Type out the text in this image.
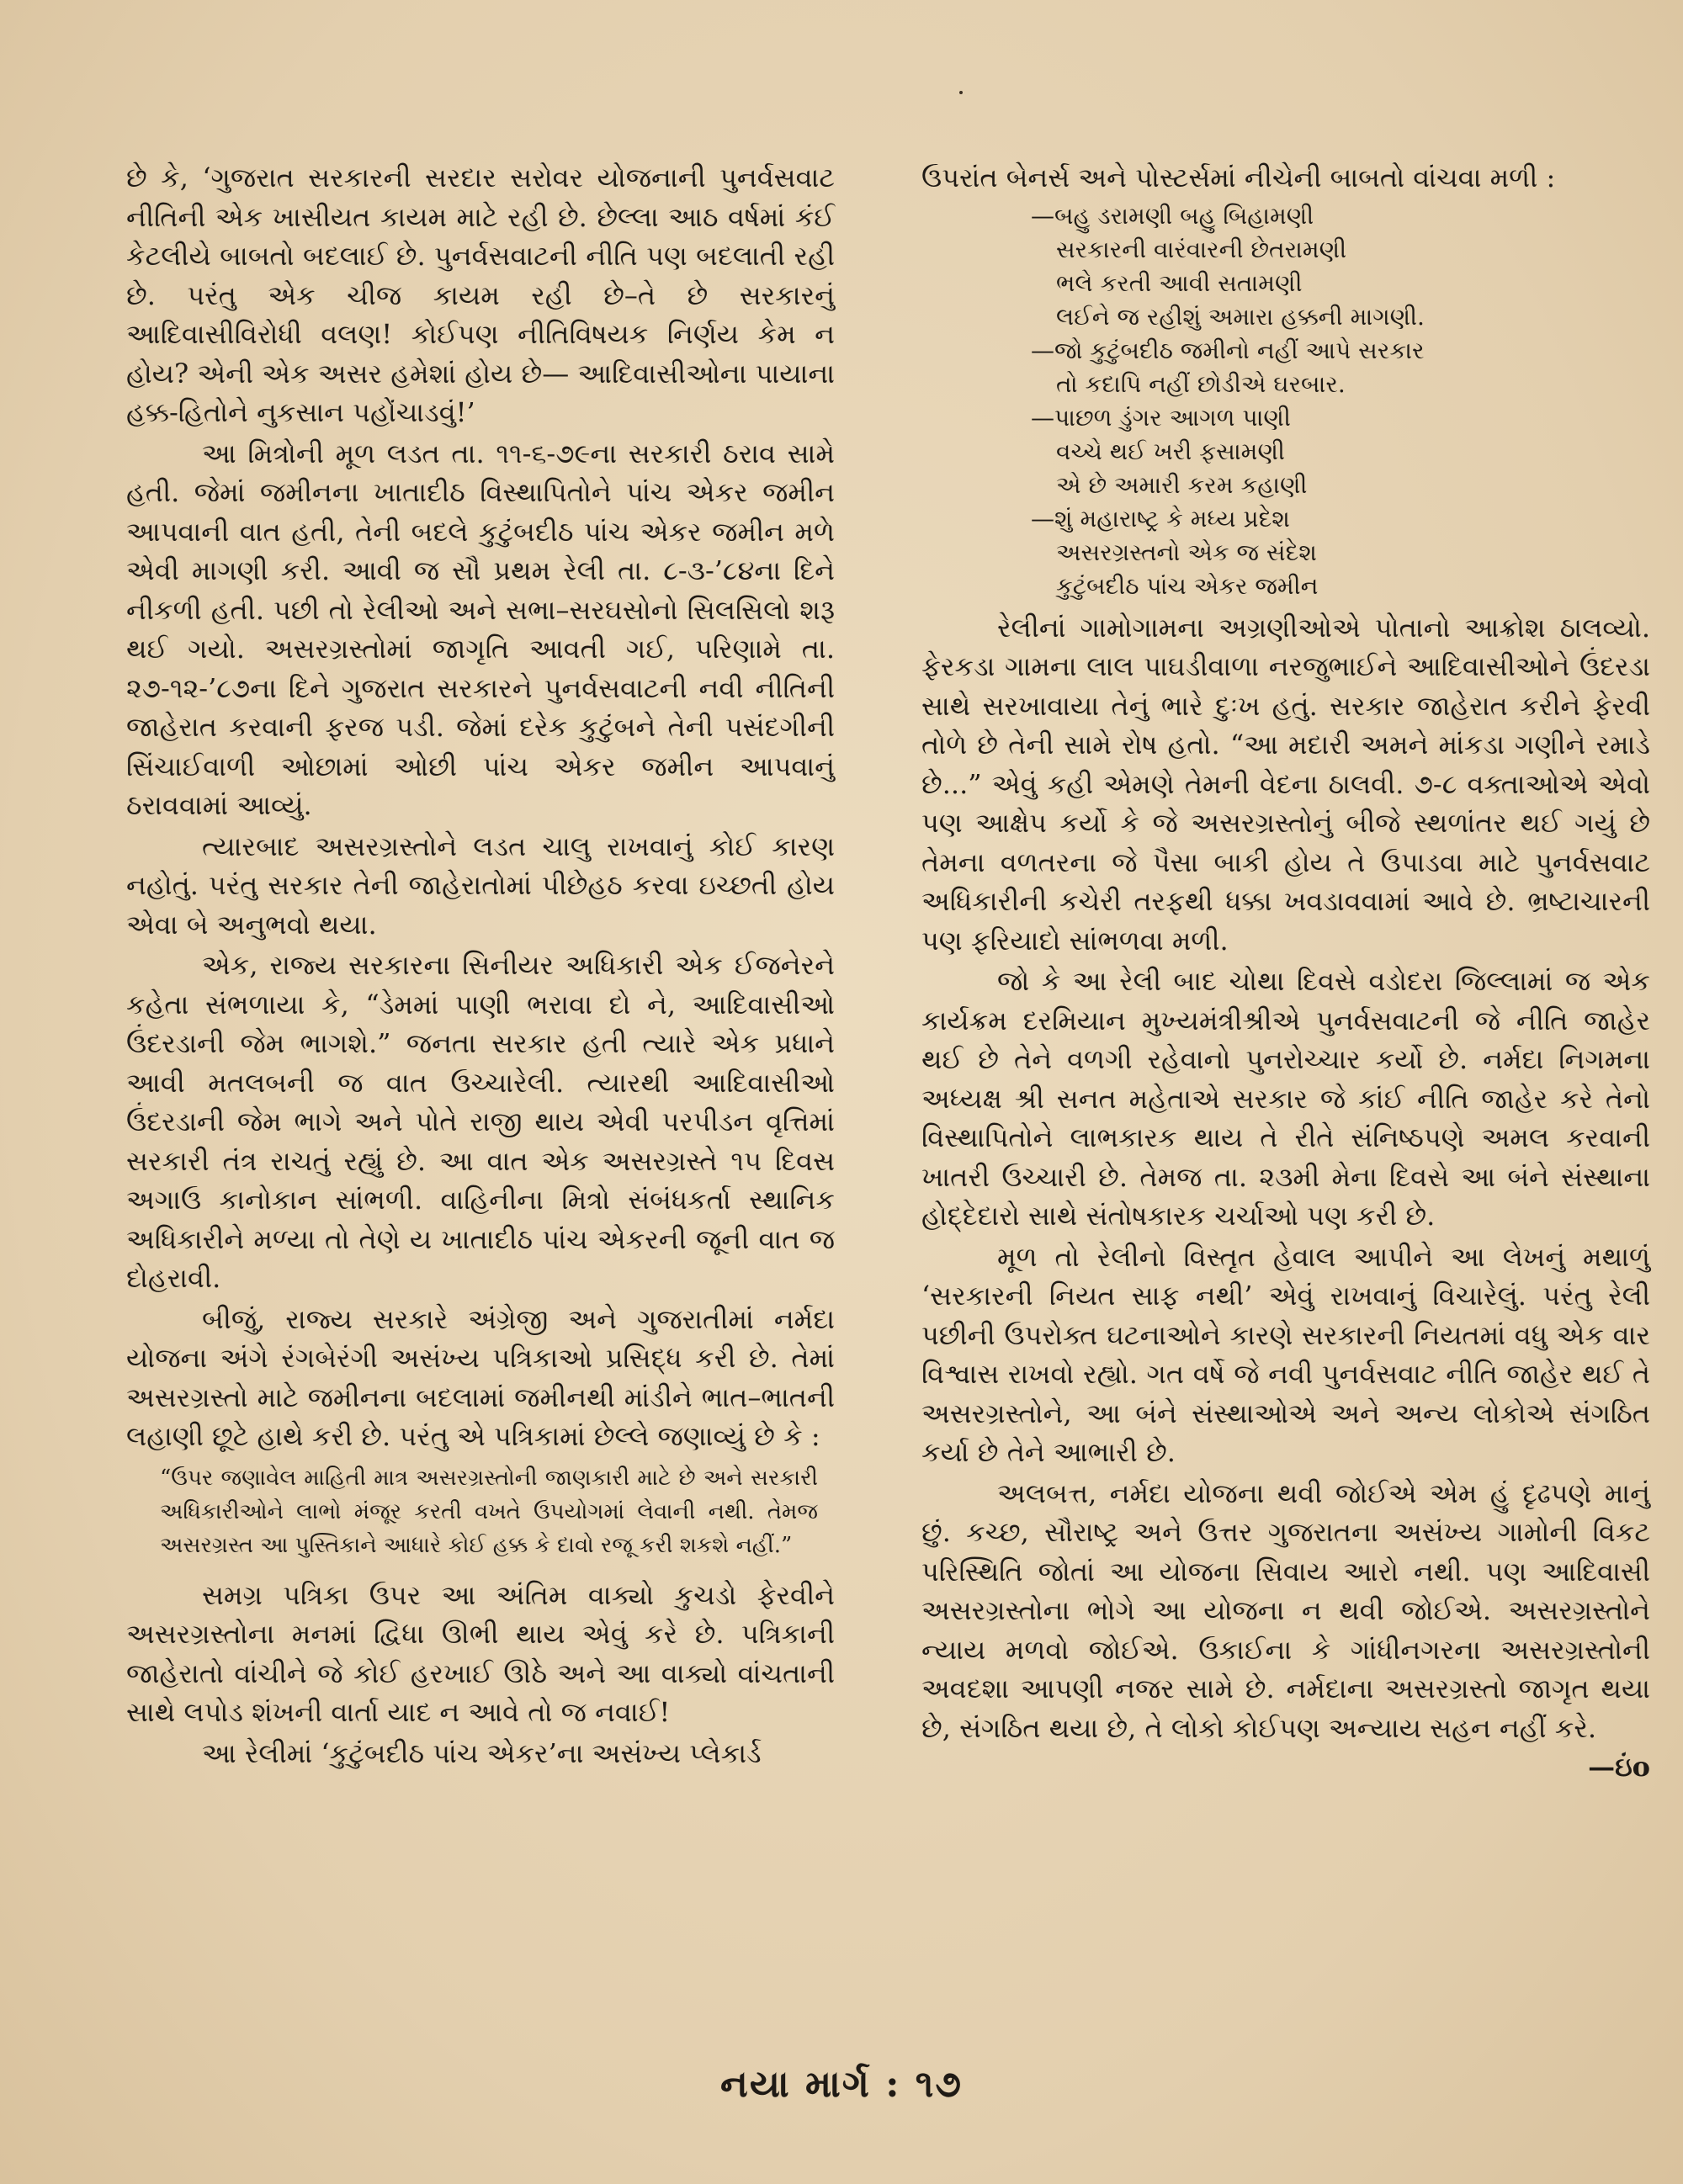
છે કે, ‘ગુજરાત સરકારની સરદાર સરોવર યોજનાની પુનર્વસવાટ નીતિની એક ખાસીયત કાયમ માટે રહી છે. છેલ્લા આઠ વર્ષમાં કંઈ કેટલીયે બાબતો બદલાઈ છે. પુનર્વસવાટની નીતિ પણ બદલાતી રહી છે. પરંતુ એક ચીજ કાયમ રહી છે–તે છે સરકારનું આદિવાસીવિરોધી વલણ! કોઈપણ નીતિવિષયક નિર્ણય કેમ ન હોય? એની એક અસર હમેશાં હોય છે— આદિવાસીઓના પાયાના હક્ક-હિતોને નુકસાન પહોંચાડવું!’

આ મિત્રોની મૂળ લડત તા. ૧૧-૬-૭૯ના સરકારી ઠરાવ સામે હતી. જેમાં જમીનના ખાતાદીઠ વિસ્થાપિતોને પાંચ એકર જમીન આપવાની વાત હતી, તેની બદલે કુટુંબદીઠ પાંચ એકર જમીન મળે એવી માગણી કરી. આવી જ સૌ પ્રથમ રેલી તા. ૮-૩-’૮૪ના દિને નીકળી હતી. પછી તો રેલીઓ અને સભા–સરઘસોનો સિલસિલો શરૂ થઈ ગયો. અસરગ્રસ્તોમાં જાગૃતિ આવતી ગઈ, પરિણામે તા. ૨૭-૧૨-’૮૭ના દિને ગુજરાત સરકારને પુનર્વસવાટની નવી નીતિની જાહેરાત કરવાની ફરજ પડી. જેમાં દરેક કુટુંબને તેની પસંદગીની સિંચાઈવાળી ઓછામાં ઓછી પાંચ એકર જમીન આપવાનું ઠરાવવામાં આવ્યું.

ત્યારબાદ અસરગ્રસ્તોને લડત ચાલુ રાખવાનું કોઈ કારણ નહોતું. પરંતુ સરકાર તેની જાહેરાતોમાં પીછેહઠ કરવા ઇચ્છતી હોય એવા બે અનુભવો થયા.

એક, રાજ્ય સરકારના સિનીયર અધિકારી એક ઈજનેરને કહેતા સંભળાયા કે, “ડેમમાં પાણી ભરાવા દો ને, આદિવાસીઓ ઉંદરડાની જેમ ભાગશે.” જનતા સરકાર હતી ત્યારે એક પ્રધાને આવી મતલબની જ વાત ઉચ્ચારેલી. ત્યારથી આદિવાસીઓ ઉંદરડાની જેમ ભાગે અને પોતે રાજી થાય એવી પરપીડન વૃત્તિમાં સરકારી તંત્ર રાચતું રહ્યું છે. આ વાત એક અસરગ્રસ્તે ૧૫ દિવસ અગાઉ કાનોકાન સાંભળી. વાહિનીના મિત્રો સંબંધકર્તા સ્થાનિક અધિકારીને મળ્યા તો તેણે ય ખાતાદીઠ પાંચ એકરની જૂની વાત જ દોહરાવી.

બીજું, રાજ્ય સરકારે અંગ્રેજી અને ગુજરાતીમાં નર્મદા યોજના અંગે રંગબેરંગી અસંખ્ય પત્રિકાઓ પ્રસિદ્ધ કરી છે. તેમાં અસરગ્રસ્તો માટે જમીનના બદલામાં જમીનથી માંડીને ભાત–ભાતની લહાણી છૂટે હાથે કરી છે. પરંતુ એ પત્રિકામાં છેલ્લે જણાવ્યું છે કે :

“ઉપર જણાવેલ માહિતી માત્ર અસરગ્રસ્તોની જાણકારી માટે છે અને સરકારી અધિકારીઓને લાભો મંજૂર કરતી વખતે ઉપયોગમાં લેવાની નથી. તેમજ અસરગ્રસ્ત આ પુસ્તિકાને આધારે કોઈ હક્ક કે દાવો રજૂ કરી શકશે નહીં.”

સમગ્ર પત્રિકા ઉપર આ અંતિમ વાક્યો કુચડો ફેરવીને અસરગ્રસ્તોના મનમાં દ્વિધા ઊભી થાય એવું કરે છે. પત્રિકાની જાહેરાતો વાંચીને જે કોઈ હરખાઈ ઊઠે અને આ વાક્યો વાંચતાની સાથે લપોડ શંખની વાર્તા યાદ ન આવે તો જ નવાઈ!

આ રેલીમાં ‘કુટુંબદીઠ પાંચ એકર’ના અસંખ્ય પ્લેકાર્ડ

ઉપરાંત બેનર્સ અને પોસ્ટર્સમાં નીચેની બાબતો વાંચવા મળી :

—બહુ ડરામણી બહુ બિહામણી
સરકારની વારંવારની છેતરામણી
ભલે કરતી આવી સતામણી
લઈને જ રહીશું અમારા હક્કની માગણી.
—જો કુટુંબદીઠ જમીનો નહીં આપે સરકાર
તો કદાપિ નહીં છોડીએ ઘરબાર.
—પાછળ ડુંગર આગળ પાણી
વચ્ચે થઈ ખરી ફસામણી
એ છે અમારી કરમ કહાણી
—શું મહારાષ્ટ્ર કે મધ્ય પ્રદેશ
અસરગ્રસ્તનો એક જ સંદેશ
કુટુંબદીઠ પાંચ એકર જમીન

રેલીનાં ગામોગામના અગ્રણીઓએ પોતાનો આક્રોશ ઠાલવ્યો. ફેરકડા ગામના લાલ પાઘડીવાળા નરજુભાઈને આદિવાસીઓને ઉંદરડા સાથે સરખાવાયા તેનું ભારે દુઃખ હતું. સરકાર જાહેરાત કરીને ફેરવી તોળે છે તેની સામે રોષ હતો. “આ મદારી અમને માંકડા ગણીને રમાડે છે...” એવું કહી એમણે તેમની વેદના ઠાલવી. ૭-૮ વક્તાઓએ એવો પણ આક્ષેપ કર્યો કે જે અસરગ્રસ્તોનું બીજે સ્થળાંતર થઈ ગયું છે તેમના વળતરના જે પૈસા બાકી હોય તે ઉપાડવા માટે પુનર્વસવાટ અધિકારીની કચેરી તરફથી ધક્કા ખવડાવવામાં આવે છે. ભ્રષ્ટાચારની પણ ફરિયાદો સાંભળવા મળી.

જો કે આ રેલી બાદ ચોથા દિવસે વડોદરા જિલ્લામાં જ એક કાર્યક્રમ દરમિયાન મુખ્યમંત્રીશ્રીએ પુનર્વસવાટની જે નીતિ જાહેર થઈ છે તેને વળગી રહેવાનો પુનરોચ્ચાર કર્યો છે. નર્મદા નિગમના અધ્યક્ષ શ્રી સનત મહેતાએ સરકાર જે કાંઈ નીતિ જાહેર કરે તેનો વિસ્થાપિતોને લાભકારક થાય તે રીતે સંનિષ્ઠપણે અમલ કરવાની ખાતરી ઉચ્ચારી છે. તેમજ તા. ૨૩મી મેના દિવસે આ બંને સંસ્થાના હોદ્દેદારો સાથે સંતોષકારક ચર્ચાઓ પણ કરી છે.

મૂળ તો રેલીનો વિસ્તૃત હેવાલ આપીને આ લેખનું મથાળું ‘સરકારની નિયત સાફ નથી’ એવું રાખવાનું વિચારેલું. પરંતુ રેલી પછીની ઉપરોક્ત ઘટનાઓને કારણે સરકારની નિયતમાં વધુ એક વાર વિશ્વાસ રાખવો રહ્યો. ગત વર્ષે જે નવી પુનર્વસવાટ નીતિ જાહેર થઈ તે અસરગ્રસ્તોને, આ બંને સંસ્થાઓએ અને અન્ય લોકોએ સંગઠિત કર્યા છે તેને આભારી છે.

અલબત્ત, નર્મદા યોજના થવી જોઈએ એમ હું દૃઢપણે માનું છું. કચ્છ, સૌરાષ્ટ્ર અને ઉત્તર ગુજરાતના અસંખ્ય ગામોની વિકટ પરિસ્થિતિ જોતાં આ યોજના સિવાય આરો નથી. પણ આદિવાસી અસરગ્રસ્તોના ભોગે આ યોજના ન થવી જોઈએ. અસરગ્રસ્તોને ન્યાય મળવો જોઈએ. ઉકાઈના કે ગાંધીનગરના અસરગ્રસ્તોની અવદશા આપણી નજર સામે છે. નર્મદાના અસરગ્રસ્તો જાગૃત થયા છે, સંગઠિત થયા છે, તે લોકો કોઈપણ અન્યાય સહન નહીં કરે.

—ઇંo
નયા માર્ગ : ૧૭
